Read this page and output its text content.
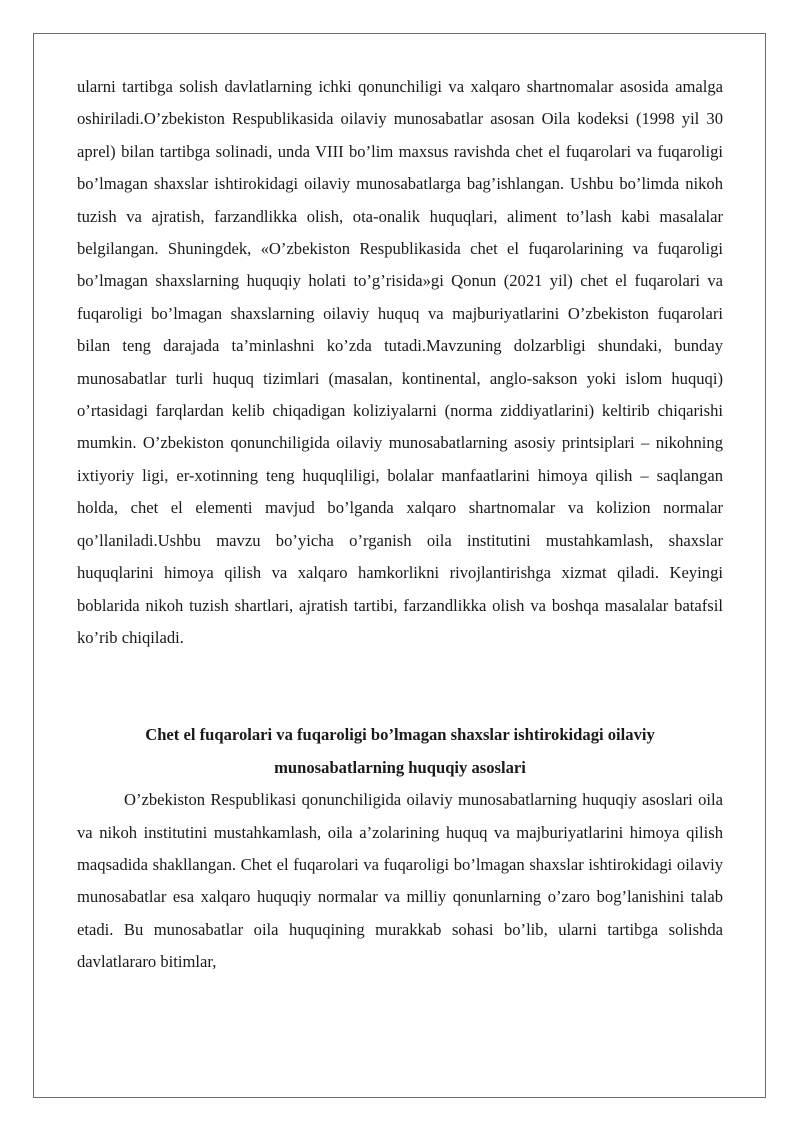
ularni tartibga solish davlatlarning ichki qonunchiligi va xalqaro shartnomalar asosida amalga oshiriladi.O’zbekiston Respublikasida oilaviy munosabatlar asosan Oila kodeksi (1998 yil 30 aprel) bilan tartibga solinadi, unda VIII bo’lim maxsus ravishda chet el fuqarolari va fuqaroligi bo’lmagan shaxslar ishtirokidagi oilaviy munosabatlarga bag’ishlangan. Ushbu bo’limda nikoh tuzish va ajratish, farzandlikka olish, ota-onalik huquqlari, aliment to’lash kabi masalalar belgilangan. Shuningdek, «O’zbekiston Respublikasida chet el fuqarolarining va fuqaroligi bo’lmagan shaxslarning huquqiy holati to’g’risida»gi Qonun (2021 yil) chet el fuqarolari va fuqaroligi bo’lmagan shaxslarning oilaviy huquq va majburiyatlarini O’zbekiston fuqarolari bilan teng darajada ta’minlashni ko’zda tutadi.Mavzuning dolzarbligi shundaki, bunday munosabatlar turli huquq tizimlari (masalan, kontinental, anglo-sakson yoki islom huquqi) o’rtasidagi farqlardan kelib chiqadigan koliziyalarni (norma ziddiyatlarini) keltirib chiqarishi mumkin. O’zbekiston qonunchiligida oilaviy munosabatlarning asosiy printsiplari – nikohning ixtiyoriy ligi, er-xotinning teng huquqliligi, bolalar manfaatlarini himoya qilish – saqlangan holda, chet el elementi mavjud bo’lganda xalqaro shartnomalar va kolizion normalar qo’llaniladi.Ushbu mavzu bo’yicha o’rganish oila institutini mustahkamlash, shaxslar huquqlarini himoya qilish va xalqaro hamkorlikni rivojlantirishga xizmat qiladi. Keyingi boblarida nikoh tuzish shartlari, ajratish tartibi, farzandlikka olish va boshqa masalalar batafsil ko’rib chiqiladi.

Chet el fuqarolari va fuqaroligi bo’lmagan shaxslar ishtirokidagi oilaviy
munosabatlarning huquqiy asoslari

O’zbekiston Respublikasi qonunchiligida oilaviy munosabatlarning huquqiy asoslari oila va nikoh institutini mustahkamlash, oila a’zolarining huquq va majburiyatlarini himoya qilish maqsadida shakllangan. Chet el fuqarolari va fuqaroligi bo’lmagan shaxslar ishtirokidagi oilaviy munosabatlar esa xalqaro huquqiy normalar va milliy qonunlarning o’zaro bog’lanishini talab etadi. Bu munosabatlar oila huquqining murakkab sohasi bo’lib, ularni tartibga solishda davlatlararo bitimlar,
